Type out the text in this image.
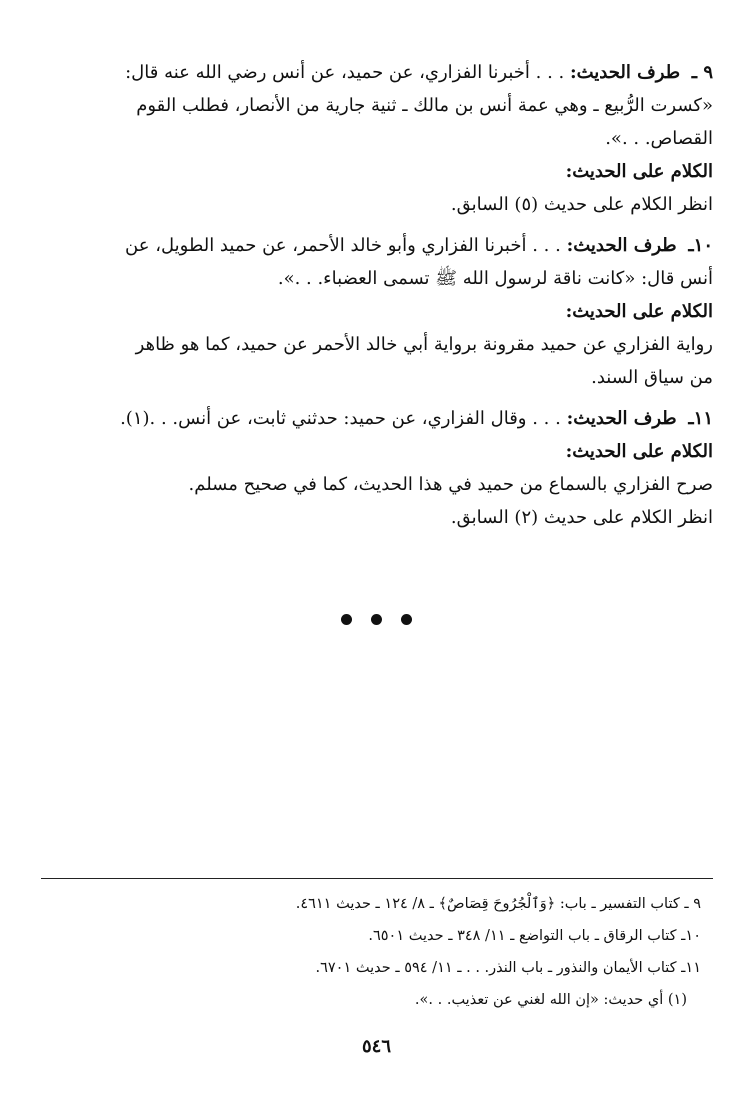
٩ ـ طرف الحديث: . . . أخبرنا الفزاري، عن حميد، عن أنس رضي الله عنه قال:
«كسرت الرُّبيع ـ وهي عمة أنس بن مالك ـ ثنية جارية من الأنصار، فطلب القوم
القصاص. . .».
الكلام على الحديث:
انظر الكلام على حديث (٥) السابق.
١٠ـ طرف الحديث: . . . أخبرنا الفزاري وأبو خالد الأحمر، عن حميد الطويل، عن
أنس قال: «كانت ناقة لرسول الله ﷺ تسمى العضباء. . .».
الكلام على الحديث:
رواية الفزاري عن حميد مقرونة برواية أبي خالد الأحمر عن حميد، كما هو ظاهر
من سياق السند.
١١ـ طرف الحديث: . . . وقال الفزاري، عن حميد: حدثني ثابت، عن أنس. . .(١).
الكلام على الحديث:
صرح الفزاري بالسماع من حميد في هذا الحديث، كما في صحيح مسلم.
انظر الكلام على حديث (٢) السابق.

٩ ـ كتاب التفسير ـ باب: ﴿وَٱلْجُرُوحَ قِصَاصٌ﴾ ـ ٨/ ١٢٤ ـ حديث ٤٦١١.
١٠ـ كتاب الرقاق ـ باب التواضع ـ ١١/ ٣٤٨ ـ حديث ٦٥٠١.
١١ـ كتاب الأيمان والنذور ـ باب النذر. . . ـ ١١/ ٥٩٤ ـ حديث ٦٧٠١.
(١) أي حديث: «إن الله لغني عن تعذيب. . .».
٥٤٦
